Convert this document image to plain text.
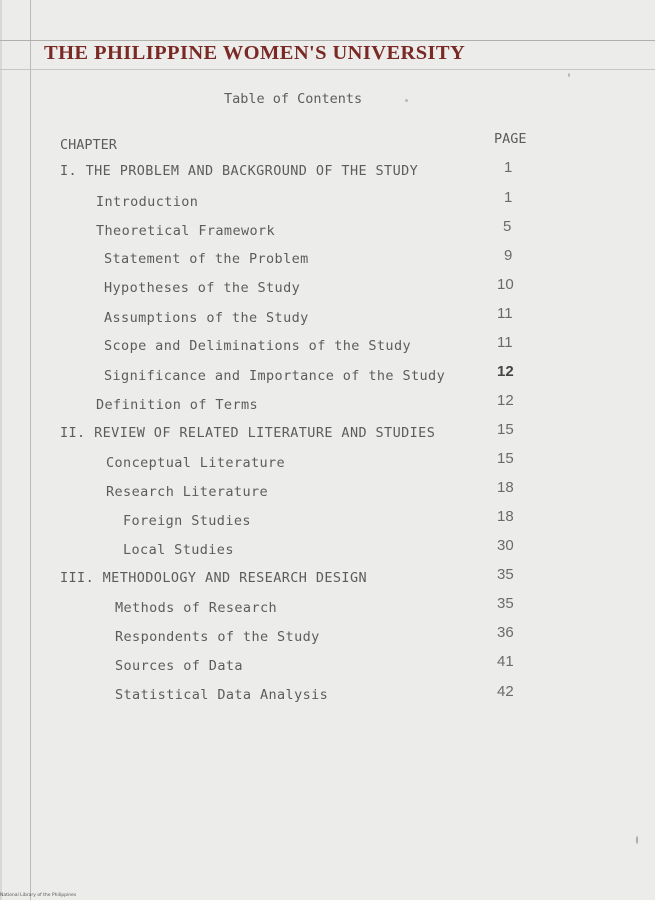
THE PHILIPPINE WOMEN'S UNIVERSITY
Table of Contents
CHAPTER	PAGE
I. THE PROBLEM AND BACKGROUND OF THE STUDY	1
Introduction	1
Theoretical Framework	5
Statement of the Problem	9
Hypotheses of the Study	10
Assumptions of the Study	11
Scope and Deliminations of the Study	11
Significance and Importance of the Study	12
Definition of Terms	12
II. REVIEW OF RELATED LITERATURE AND STUDIES	15
Conceptual Literature	15
Research Literature	18
Foreign Studies	18
Local Studies	30
III. METHODOLOGY AND RESEARCH DESIGN	35
Methods of Research	35
Respondents of the Study	36
Sources of Data	41
Statistical Data Analysis	42
National Library of the Philippines
